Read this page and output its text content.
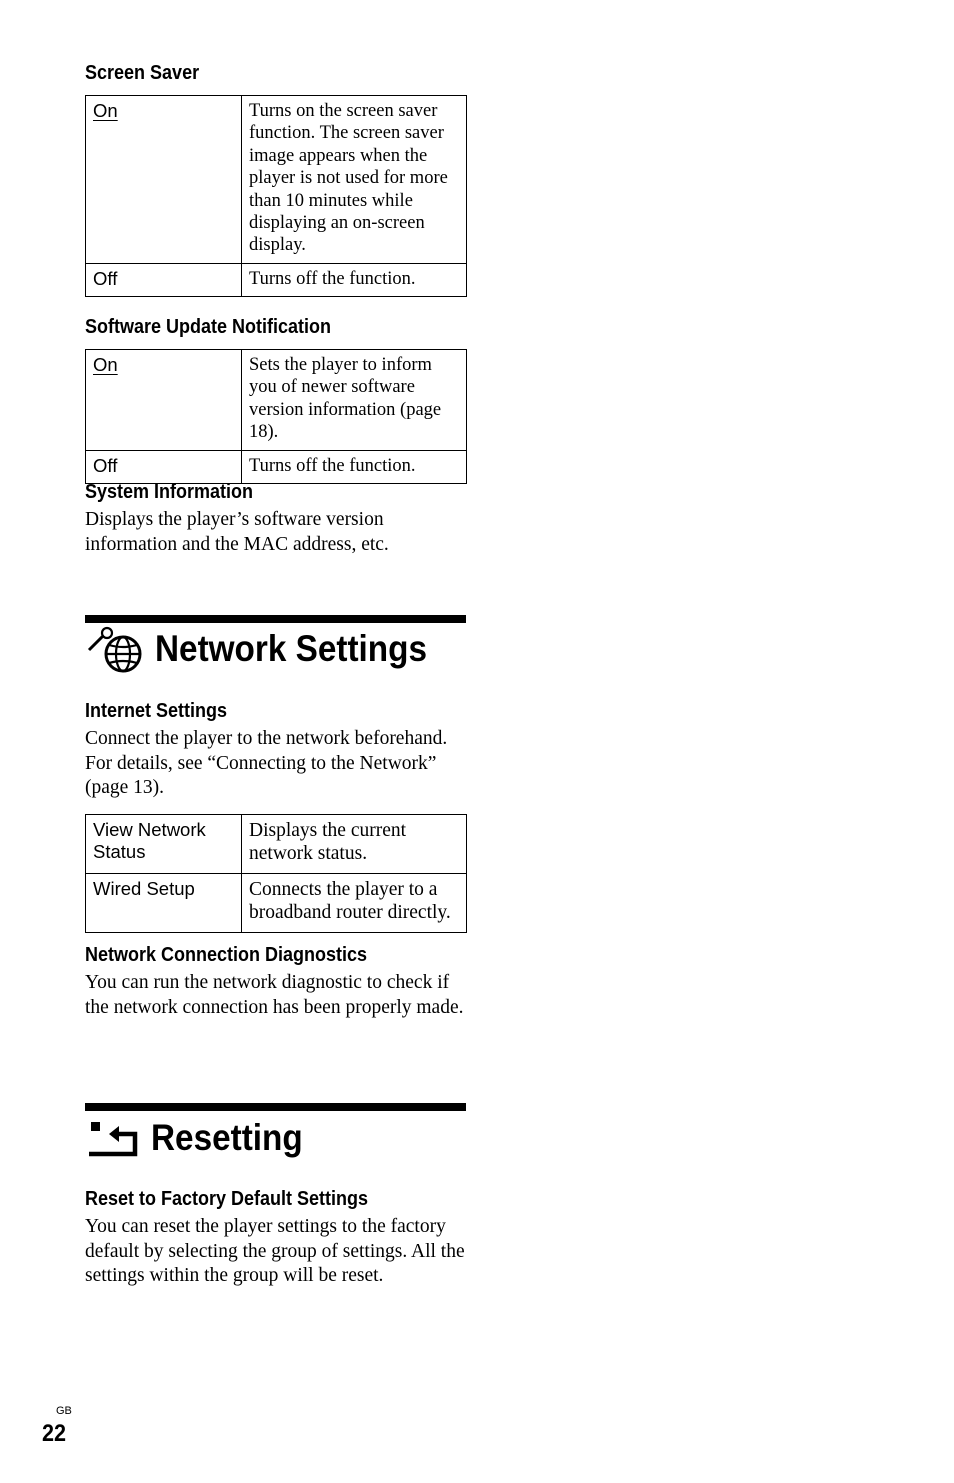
Screen Saver

On	Turns on the screen saver function. The screen saver image appears when the player is not used for more than 10 minutes while displaying an on-screen display.
Off	Turns off the function.

Software Update Notification

On	Sets the player to inform you of newer software version information (page 18).
Off	Turns off the function.

System Information

Displays the player’s software version information and the MAC address, etc.

Network Settings

Internet Settings

Connect the player to the network beforehand. For details, see “Connecting to the Network” (page 13).

View Network Status	Displays the current network status.
Wired Setup	Connects the player to a broadband router directly.

Network Connection Diagnostics

You can run the network diagnostic to check if the network connection has been properly made.

Resetting

Reset to Factory Default Settings

You can reset the player settings to the factory default by selecting the group of settings. All the settings within the group will be reset.

GB
22
